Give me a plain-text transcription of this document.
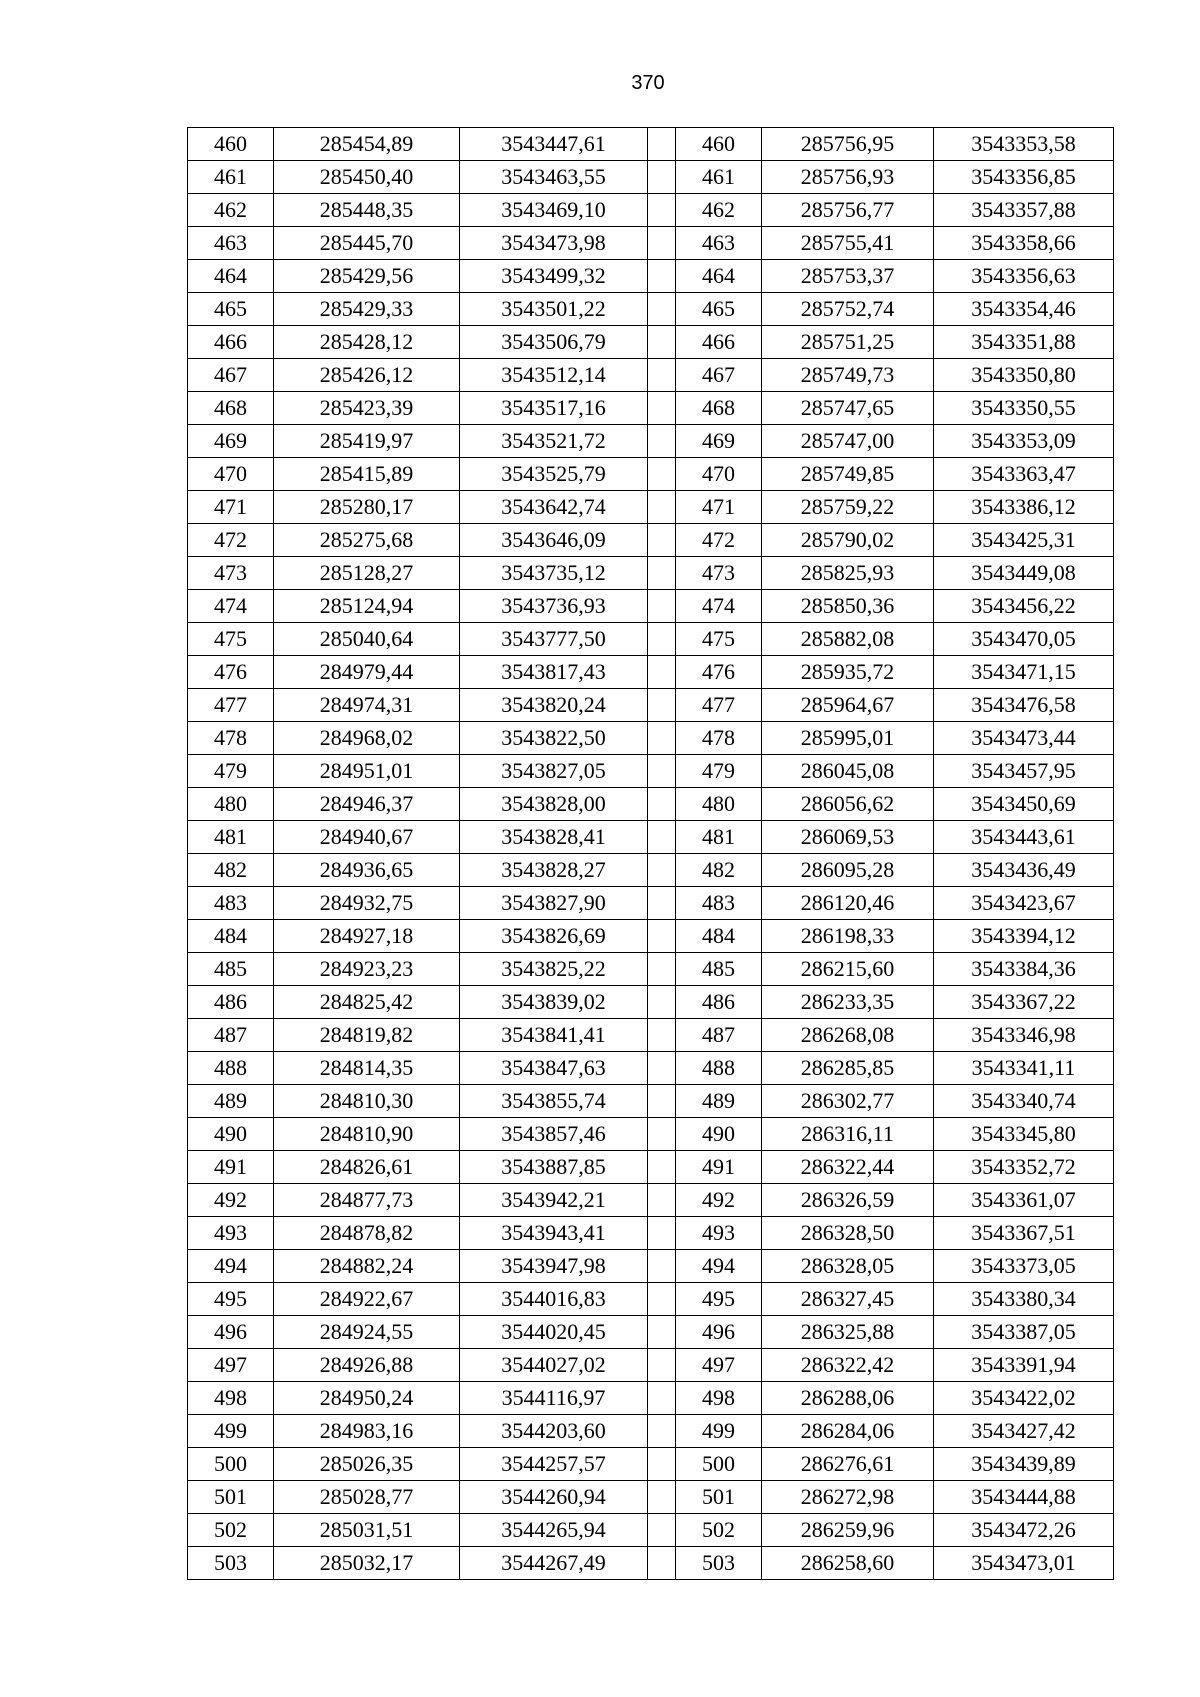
370
460	285454,89	3543447,61		460	285756,95	3543353,58
461	285450,40	3543463,55		461	285756,93	3543356,85
462	285448,35	3543469,10		462	285756,77	3543357,88
463	285445,70	3543473,98		463	285755,41	3543358,66
464	285429,56	3543499,32		464	285753,37	3543356,63
465	285429,33	3543501,22		465	285752,74	3543354,46
466	285428,12	3543506,79		466	285751,25	3543351,88
467	285426,12	3543512,14		467	285749,73	3543350,80
468	285423,39	3543517,16		468	285747,65	3543350,55
469	285419,97	3543521,72		469	285747,00	3543353,09
470	285415,89	3543525,79		470	285749,85	3543363,47
471	285280,17	3543642,74		471	285759,22	3543386,12
472	285275,68	3543646,09		472	285790,02	3543425,31
473	285128,27	3543735,12		473	285825,93	3543449,08
474	285124,94	3543736,93		474	285850,36	3543456,22
475	285040,64	3543777,50		475	285882,08	3543470,05
476	284979,44	3543817,43		476	285935,72	3543471,15
477	284974,31	3543820,24		477	285964,67	3543476,58
478	284968,02	3543822,50		478	285995,01	3543473,44
479	284951,01	3543827,05		479	286045,08	3543457,95
480	284946,37	3543828,00		480	286056,62	3543450,69
481	284940,67	3543828,41		481	286069,53	3543443,61
482	284936,65	3543828,27		482	286095,28	3543436,49
483	284932,75	3543827,90		483	286120,46	3543423,67
484	284927,18	3543826,69		484	286198,33	3543394,12
485	284923,23	3543825,22		485	286215,60	3543384,36
486	284825,42	3543839,02		486	286233,35	3543367,22
487	284819,82	3543841,41		487	286268,08	3543346,98
488	284814,35	3543847,63		488	286285,85	3543341,11
489	284810,30	3543855,74		489	286302,77	3543340,74
490	284810,90	3543857,46		490	286316,11	3543345,80
491	284826,61	3543887,85		491	286322,44	3543352,72
492	284877,73	3543942,21		492	286326,59	3543361,07
493	284878,82	3543943,41		493	286328,50	3543367,51
494	284882,24	3543947,98		494	286328,05	3543373,05
495	284922,67	3544016,83		495	286327,45	3543380,34
496	284924,55	3544020,45		496	286325,88	3543387,05
497	284926,88	3544027,02		497	286322,42	3543391,94
498	284950,24	3544116,97		498	286288,06	3543422,02
499	284983,16	3544203,60		499	286284,06	3543427,42
500	285026,35	3544257,57		500	286276,61	3543439,89
501	285028,77	3544260,94		501	286272,98	3543444,88
502	285031,51	3544265,94		502	286259,96	3543472,26
503	285032,17	3544267,49		503	286258,60	3543473,01
